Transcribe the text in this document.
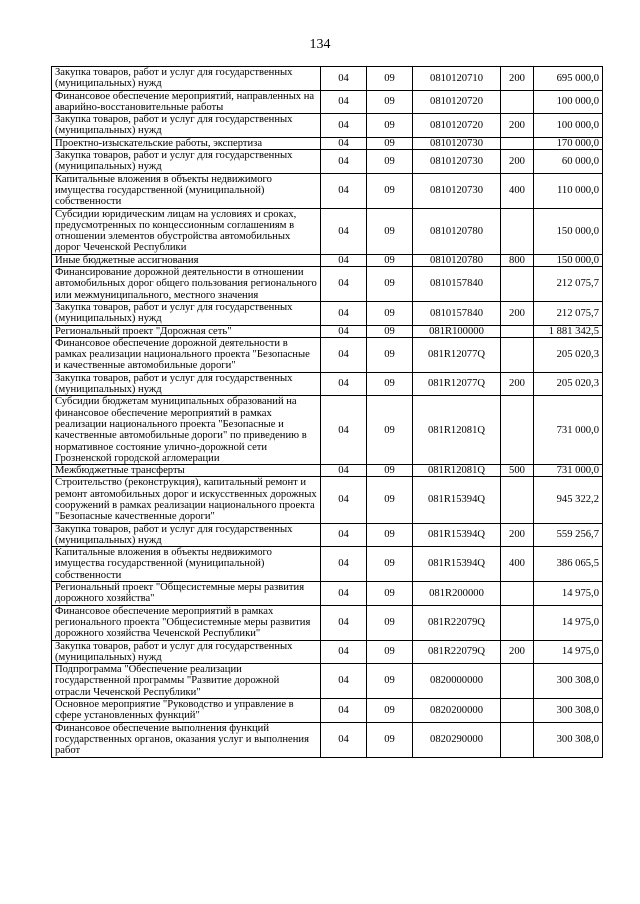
134
Закупка товаров, работ и услуг для государственных (муниципальных) нужд	04	09	0810120710	200	695 000,0
Финансовое обеспечение мероприятий, направленных на аварийно-восстановительные работы	04	09	0810120720		100 000,0
Закупка товаров, работ и услуг для государственных (муниципальных) нужд	04	09	0810120720	200	100 000,0
Проектно-изыскательские работы, экспертиза	04	09	0810120730		170 000,0
Закупка товаров, работ и услуг для государственных (муниципальных) нужд	04	09	0810120730	200	60 000,0
Капитальные вложения в объекты недвижимого имущества государственной (муниципальной) собственности	04	09	0810120730	400	110 000,0
Субсидии юридическим лицам на условиях и сроках, предусмотренных по концессионным соглашениям в отношении элементов обустройства автомобильных дорог Чеченской Республики	04	09	0810120780		150 000,0
Иные бюджетные ассигнования	04	09	0810120780	800	150 000,0
Финансирование дорожной деятельности в отношении автомобильных дорог общего пользования регионального или межмуниципального, местного значения	04	09	0810157840		212 075,7
Закупка товаров, работ и услуг для государственных (муниципальных) нужд	04	09	0810157840	200	212 075,7
Региональный проект "Дорожная сеть"	04	09	081R100000		1 881 342,5
Финансовое обеспечение дорожной деятельности в рамках реализации национального проекта "Безопасные и качественные автомобильные дороги"	04	09	081R12077Q		205 020,3
Закупка товаров, работ и услуг для государственных (муниципальных) нужд	04	09	081R12077Q	200	205 020,3
Субсидии бюджетам муниципальных образований на финансовое обеспечение мероприятий в рамках реализации национального проекта "Безопасные и качественные автомобильные дороги" по приведению в нормативное состояние улично-дорожной сети Грозненской городской агломерации	04	09	081R12081Q		731 000,0
Межбюджетные трансферты	04	09	081R12081Q	500	731 000,0
Строительство (реконструкция), капитальный ремонт и ремонт автомобильных дорог и искусственных дорожных сооружений в рамках реализации национального проекта "Безопасные качественные дороги"	04	09	081R15394Q		945 322,2
Закупка товаров, работ и услуг для государственных (муниципальных) нужд	04	09	081R15394Q	200	559 256,7
Капитальные вложения в объекты недвижимого имущества государственной (муниципальной) собственности	04	09	081R15394Q	400	386 065,5
Региональный проект "Общесистемные меры развития дорожного хозяйства"	04	09	081R200000		14 975,0
Финансовое обеспечение мероприятий в рамках регионального проекта "Общесистемные меры развития дорожного хозяйства Чеченской Республики"	04	09	081R22079Q		14 975,0
Закупка товаров, работ и услуг для государственных (муниципальных) нужд	04	09	081R22079Q	200	14 975,0
Подпрограмма "Обеспечение реализации государственной программы "Развитие дорожной отрасли Чеченской Республики"	04	09	0820000000		300 308,0
Основное мероприятие "Руководство и управление в сфере установленных функций"	04	09	0820200000		300 308,0
Финансовое обеспечение выполнения функций государственных органов, оказания услуг и выполнения работ	04	09	0820290000		300 308,0
